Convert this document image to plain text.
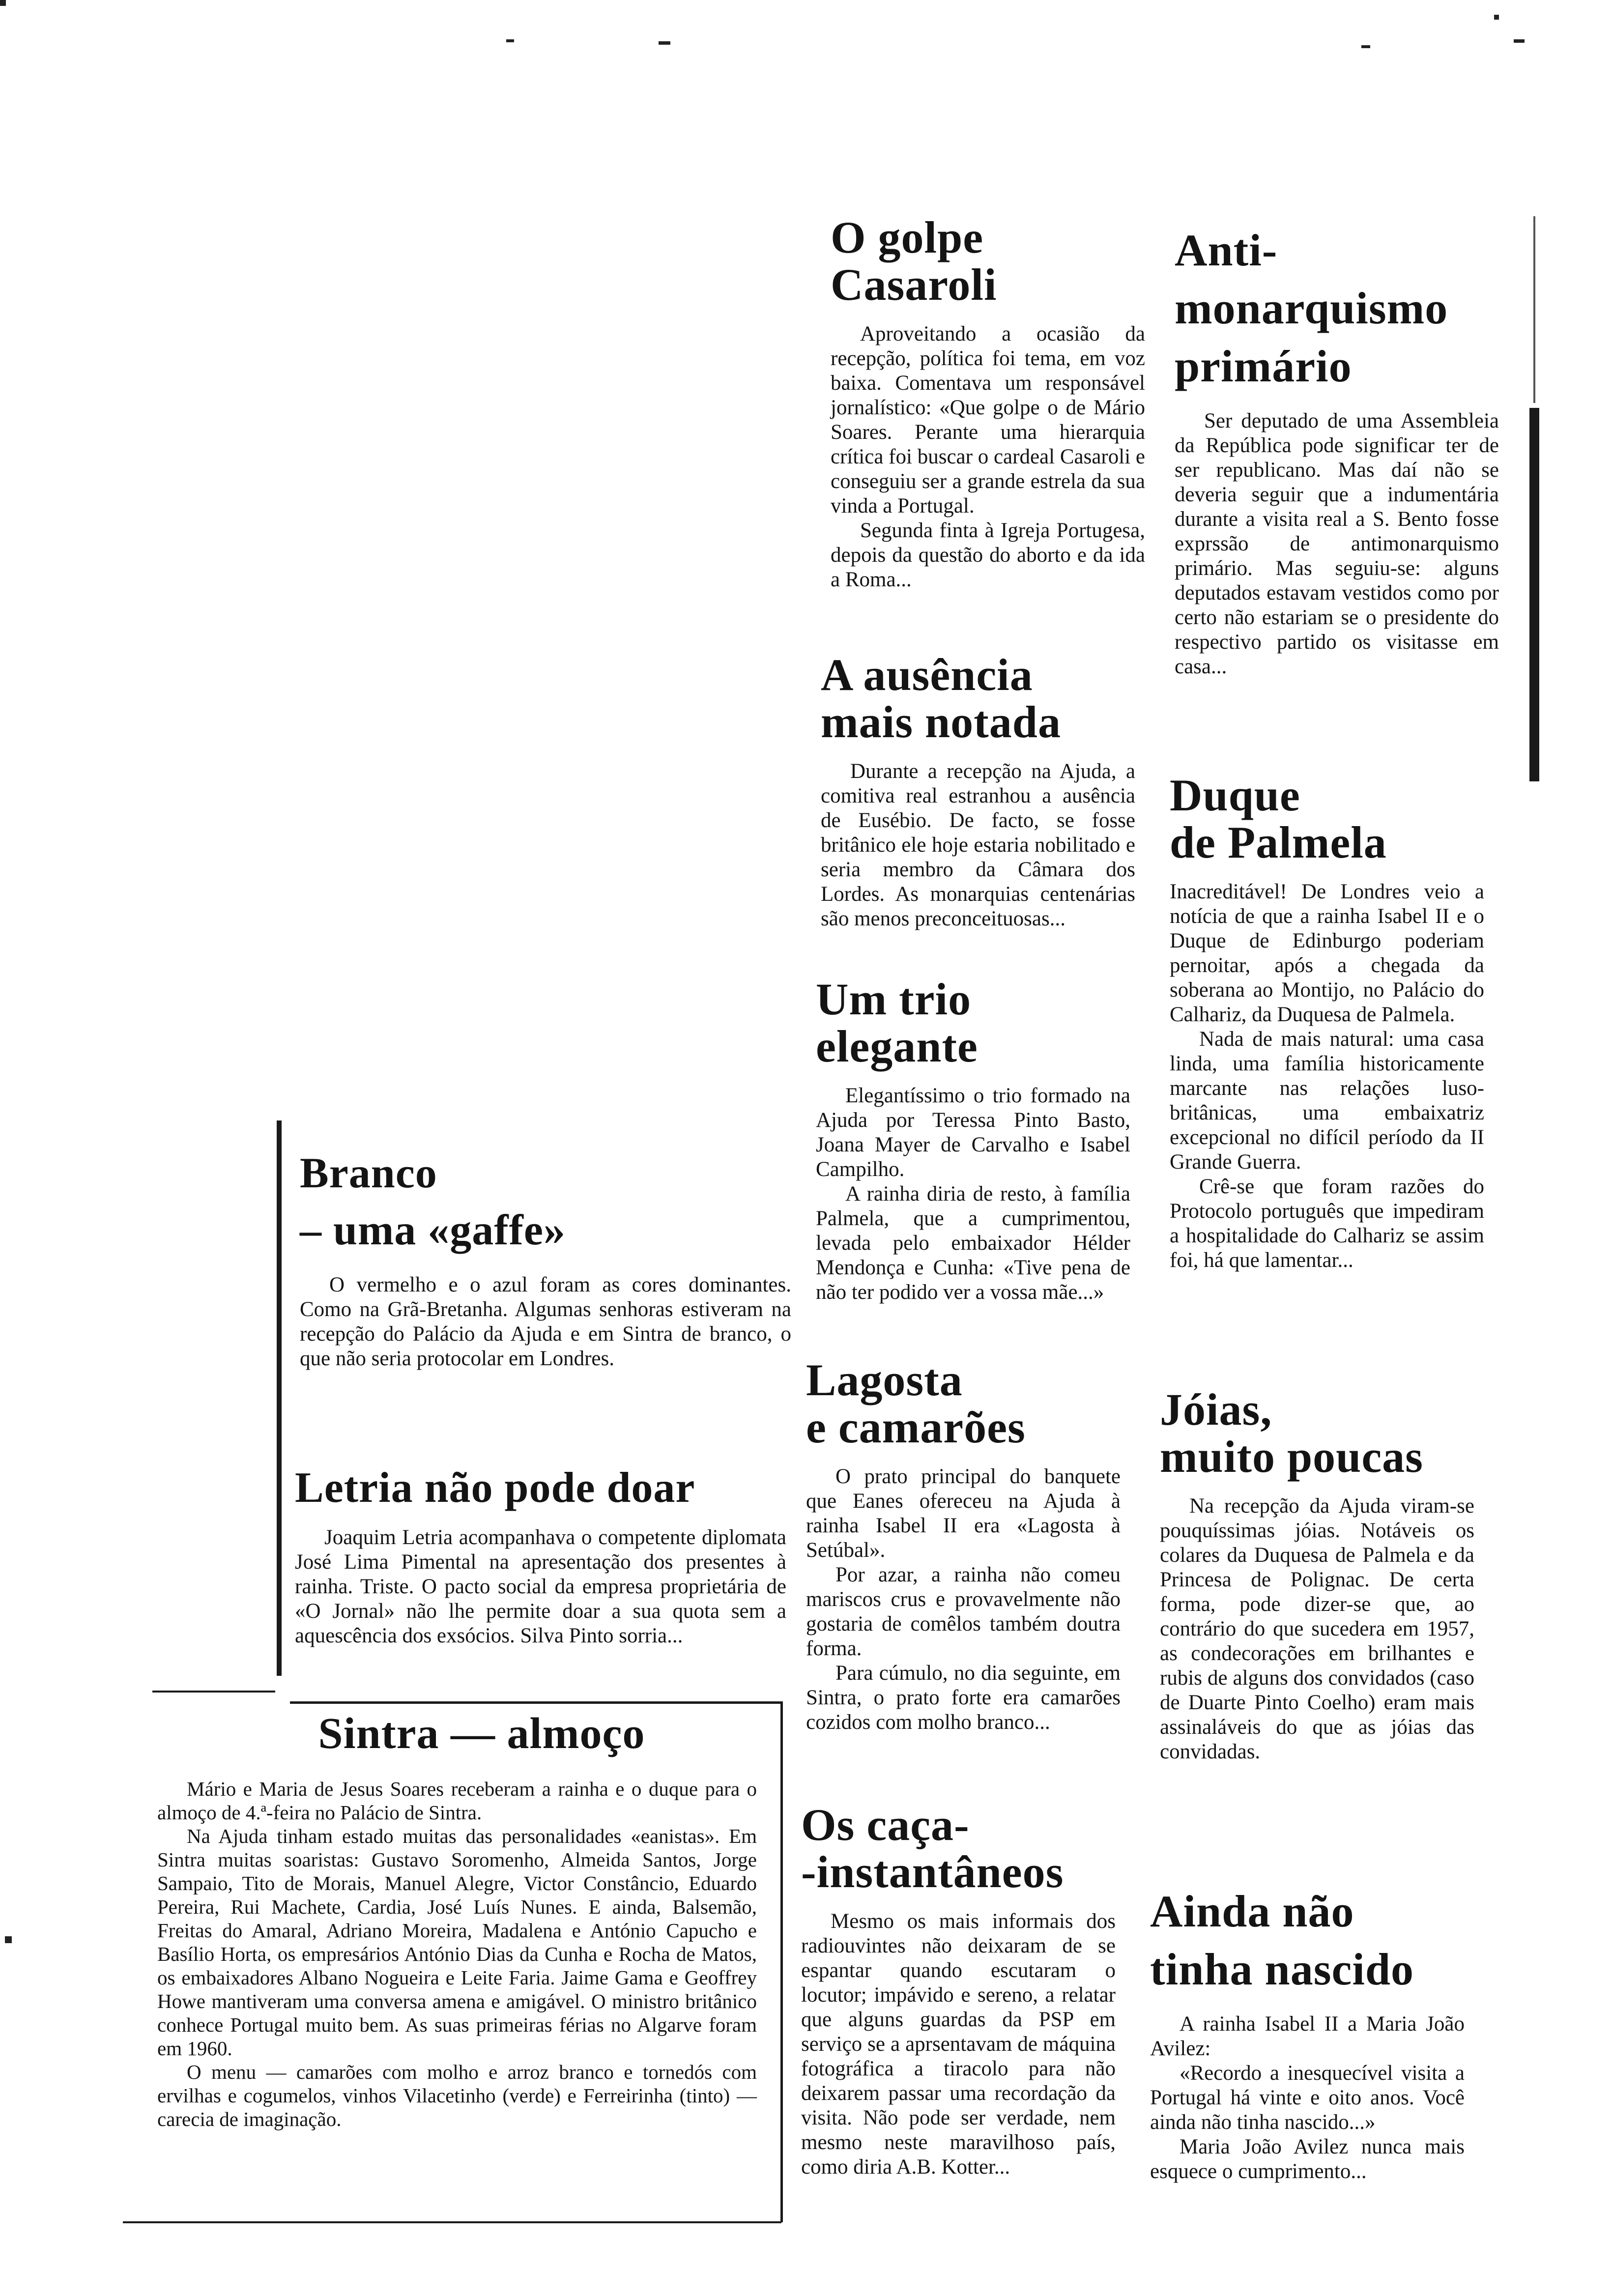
O golpe
Casaroli

Aproveitando a ocasião da recepção, política foi tema, em voz baixa. Comentava um responsável jornalístico: «Que golpe o de Mário Soares. Perante uma hierarquia crítica foi buscar o cardeal Casaroli e conseguiu ser a grande estrela da sua vinda a Portugal.

Segunda finta à Igreja Portugesa, depois da questão do aborto e da ida a Roma...

A ausência
mais notada

Durante a recepção na Ajuda, a comitiva real estranhou a ausência de Eusébio. De facto, se fosse britânico ele hoje estaria nobilitado e seria membro da Câmara dos Lordes. As monarquias centenárias são menos preconceituosas...

Um trio
elegante

Elegantíssimo o trio formado na Ajuda por Teressa Pinto Basto, Joana Mayer de Carvalho e Isabel Campilho.

A rainha diria de resto, à família Palmela, que a cumprimentou, levada pelo embaixador Hélder Mendonça e Cunha: «Tive pena de não ter podido ver a vossa mãe...»

Lagosta
e camarões

O prato principal do banquete que Eanes ofereceu na Ajuda à rainha Isabel II era «Lagosta à Setúbal».

Por azar, a rainha não comeu mariscos crus e provavelmente não gostaria de comêlos também doutra forma.

Para cúmulo, no dia seguinte, em Sintra, o prato forte era camarões cozidos com molho branco...

Os caça-
-instantâneos

Mesmo os mais informais dos radiouvintes não deixaram de se espantar quando escutaram o locutor; impávido e sereno, a relatar que alguns guardas da PSP em serviço se a aprsentavam de máquina fotográfica a tiracolo para não deixarem passar uma recordação da visita. Não pode ser verdade, nem mesmo neste maravilhoso país, como diria A.B. Kotter...

Anti-
monarquismo
primário

Ser deputado de uma Assembleia da República pode significar ter de ser republicano. Mas daí não se deveria seguir que a indumentária durante a visita real a S. Bento fosse exprssão de antimonarquismo primário. Mas seguiu-se: alguns deputados estavam vestidos como por certo não estariam se o presidente do respectivo partido os visitasse em casa...

Duque
de Palmela

Inacreditável! De Londres veio a notícia de que a rainha Isabel II e o Duque de Edinburgo poderiam pernoitar, após a chegada da soberana ao Montijo, no Palácio do Calhariz, da Duquesa de Palmela.

Nada de mais natural: uma casa linda, uma família historicamente marcante nas relações luso-britânicas, uma embaixatriz excepcional no difícil período da II Grande Guerra.

Crê-se que foram razões do Protocolo português que impediram a hospitalidade do Calhariz se assim foi, há que lamentar...

Jóias,
muito poucas

Na recepção da Ajuda viram-se pouquíssimas jóias. Notáveis os colares da Duquesa de Palmela e da Princesa de Polignac. De certa forma, pode dizer-se que, ao contrário do que sucedera em 1957, as condecorações em brilhantes e rubis de alguns dos convidados (caso de Duarte Pinto Coelho) eram mais assinaláveis do que as jóias das convidadas.

Ainda não
tinha nascido

A rainha Isabel II a Maria João Avilez:

«Recordo a inesquecível visita a Portugal há vinte e oito anos. Você ainda não tinha nascido...»

Maria João Avilez nunca mais esquece o cumprimento...

Branco
– uma «gaffe»

O vermelho e o azul foram as cores dominantes. Como na Grã-Bretanha. Algumas senhoras estiveram na recepção do Palácio da Ajuda e em Sintra de branco, o que não seria protocolar em Londres.

Letria não pode doar

Joaquim Letria acompanhava o competente diplomata José Lima Pimental na apresentação dos presentes à rainha. Triste. O pacto social da empresa proprietária de «O Jornal» não lhe permite doar a sua quota sem a aquescência dos exsócios. Silva Pinto sorria...

Sintra — almoço

Mário e Maria de Jesus Soares receberam a rainha e o duque para o almoço de 4.ª-feira no Palácio de Sintra.

Na Ajuda tinham estado muitas das personalidades «eanistas». Em Sintra muitas soaristas: Gustavo Soromenho, Almeida Santos, Jorge Sampaio, Tito de Morais, Manuel Alegre, Victor Constâncio, Eduardo Pereira, Rui Machete, Cardia, José Luís Nunes. E ainda, Balsemão, Freitas do Amaral, Adriano Moreira, Madalena e António Capucho e Basílio Horta, os empresários António Dias da Cunha e Rocha de Matos, os embaixadores Albano Nogueira e Leite Faria. Jaime Gama e Geoffrey Howe mantiveram uma conversa amena e amigável. O ministro britânico conhece Portugal muito bem. As suas primeiras férias no Algarve foram em 1960.

O menu — camarões com molho e arroz branco e tornedós com ervilhas e cogumelos, vinhos Vilacetinho (verde) e Ferreirinha (tinto) — carecia de imaginação.
